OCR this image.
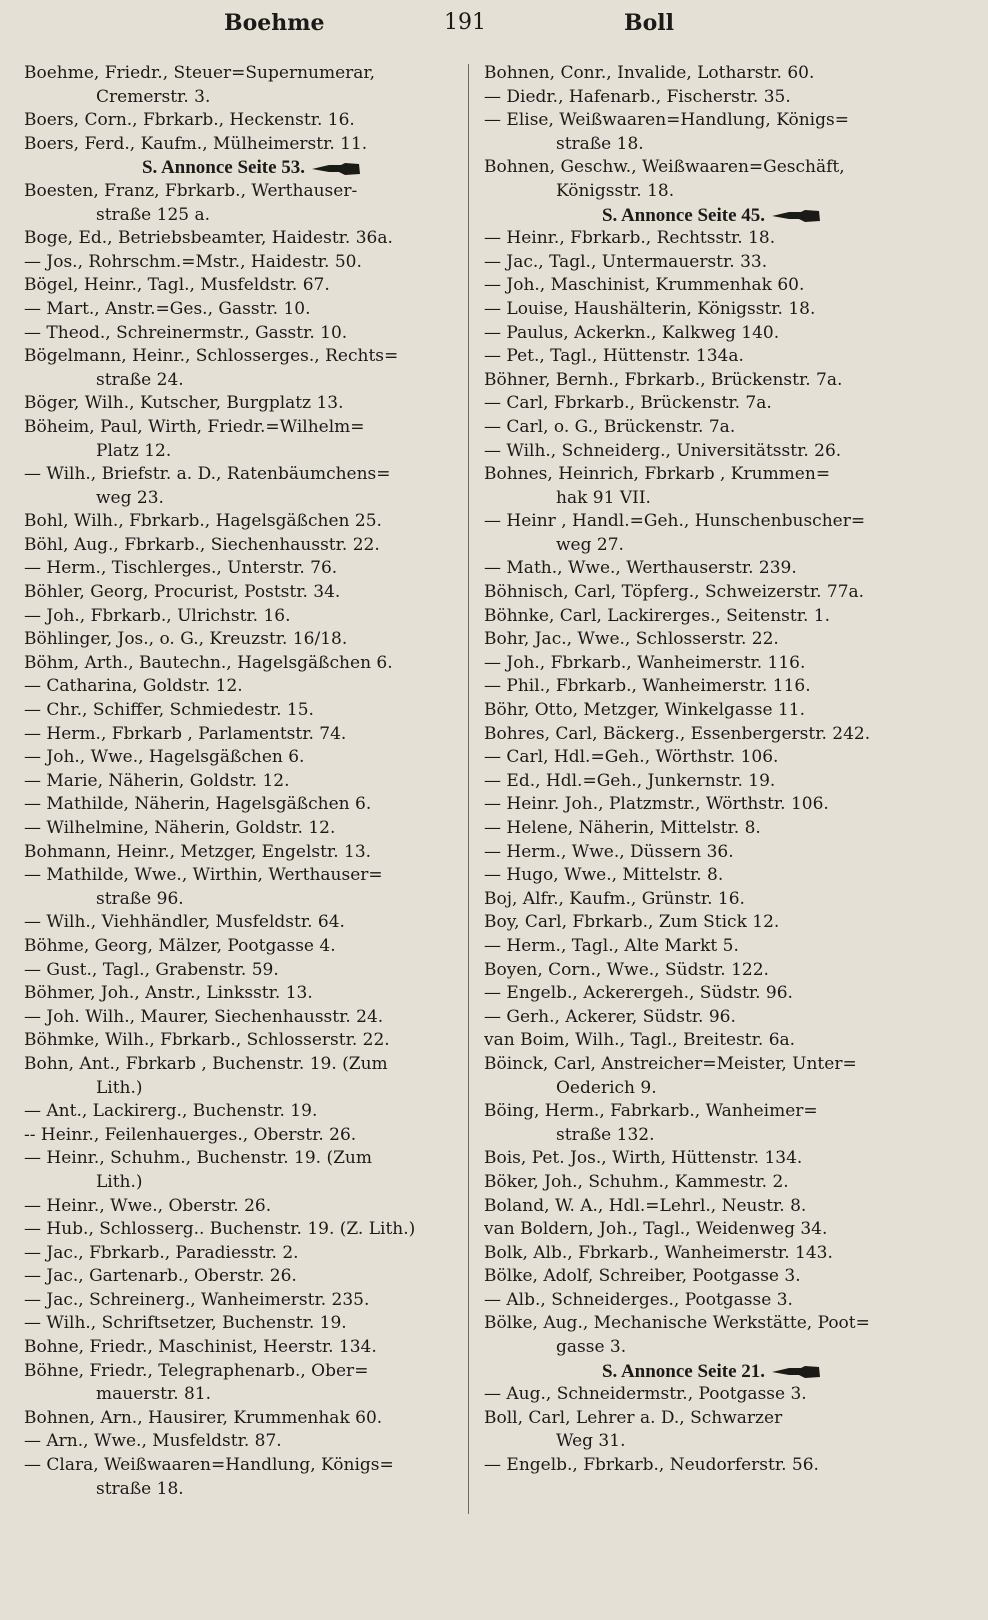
Boehme	191	Boll
Boehme, Friedr., Steuer=Supernumerar,
Cremerstr. 3.
Boers, Corn., Fbrkarb., Heckenstr. 16.
Boers, Ferd., Kaufm., Mülheimerstr. 11.
S. Annonce Seite 53.
Boesten, Franz, Fbrkarb., Werthauser-
straße 125 a.
Boge, Ed., Betriebsbeamter, Haidestr. 36a.
— Jos., Rohrschm.=Mstr., Haidestr. 50.
Bögel, Heinr., Tagl., Musfeldstr. 67.
— Mart., Anstr.=Ges., Gasstr. 10.
— Theod., Schreinermstr., Gasstr. 10.
Bögelmann, Heinr., Schlosserges., Rechts=
straße 24.
Böger, Wilh., Kutscher, Burgplatz 13.
Böheim, Paul, Wirth, Friedr.=Wilhelm=
Platz 12.
— Wilh., Briefstr. a. D., Ratenbäumchens=
weg 23.
Bohl, Wilh., Fbrkarb., Hagelsgäßchen 25.
Böhl, Aug., Fbrkarb., Siechenhausstr. 22.
— Herm., Tischlerges., Unterstr. 76.
Böhler, Georg, Procurist, Poststr. 34.
— Joh., Fbrkarb., Ulrichstr. 16.
Böhlinger, Jos., o. G., Kreuzstr. 16/18.
Böhm, Arth., Bautechn., Hagelsgäßchen 6.
— Catharina, Goldstr. 12.
— Chr., Schiffer, Schmiedestr. 15.
— Herm., Fbrkarb , Parlamentstr. 74.
— Joh., Wwe., Hagelsgäßchen 6.
— Marie, Näherin, Goldstr. 12.
— Mathilde, Näherin, Hagelsgäßchen 6.
— Wilhelmine, Näherin, Goldstr. 12.
Bohmann, Heinr., Metzger, Engelstr. 13.
— Mathilde, Wwe., Wirthin, Werthauser=
straße 96.
— Wilh., Viehhändler, Musfeldstr. 64.
Böhme, Georg, Mälzer, Pootgasse 4.
— Gust., Tagl., Grabenstr. 59.
Böhmer, Joh., Anstr., Linksstr. 13.
— Joh. Wilh., Maurer, Siechenhausstr. 24.
Böhmke, Wilh., Fbrkarb., Schlosserstr. 22.
Bohn, Ant., Fbrkarb , Buchenstr. 19. (Zum
Lith.)
— Ant., Lackirerg., Buchenstr. 19.
-- Heinr., Feilenhauerges., Oberstr. 26.
— Heinr., Schuhm., Buchenstr. 19. (Zum
Lith.)
— Heinr., Wwe., Oberstr. 26.
— Hub., Schlosserg.. Buchenstr. 19. (Z. Lith.)
— Jac., Fbrkarb., Paradiesstr. 2.
— Jac., Gartenarb., Oberstr. 26.
— Jac., Schreinerg., Wanheimerstr. 235.
— Wilh., Schriftsetzer, Buchenstr. 19.
Bohne, Friedr., Maschinist, Heerstr. 134.
Böhne, Friedr., Telegraphenarb., Ober=
mauerstr. 81.
Bohnen, Arn., Hausirer, Krummenhak 60.
— Arn., Wwe., Musfeldstr. 87.
— Clara, Weißwaaren=Handlung, Königs=
straße 18.
Bohnen, Conr., Invalide, Lotharstr. 60.
— Diedr., Hafenarb., Fischerstr. 35.
— Elise, Weißwaaren=Handlung, Königs=
straße 18.
Bohnen, Geschw., Weißwaaren=Geschäft,
Königsstr. 18.
S. Annonce Seite 45.
— Heinr., Fbrkarb., Rechtsstr. 18.
— Jac., Tagl., Untermauerstr. 33.
— Joh., Maschinist, Krummenhak 60.
— Louise, Haushälterin, Königsstr. 18.
— Paulus, Ackerkn., Kalkweg 140.
— Pet., Tagl., Hüttenstr. 134a.
Böhner, Bernh., Fbrkarb., Brückenstr. 7a.
— Carl, Fbrkarb., Brückenstr. 7a.
— Carl, o. G., Brückenstr. 7a.
— Wilh., Schneiderg., Universitätsstr. 26.
Bohnes, Heinrich, Fbrkarb , Krummen=
hak 91 VII.
— Heinr , Handl.=Geh., Hunschenbuscher=
weg 27.
— Math., Wwe., Werthauserstr. 239.
Böhnisch, Carl, Töpferg., Schweizerstr. 77a.
Böhnke, Carl, Lackirerges., Seitenstr. 1.
Bohr, Jac., Wwe., Schlosserstr. 22.
— Joh., Fbrkarb., Wanheimerstr. 116.
— Phil., Fbrkarb., Wanheimerstr. 116.
Böhr, Otto, Metzger, Winkelgasse 11.
Bohres, Carl, Bäckerg., Essenbergerstr. 242.
— Carl, Hdl.=Geh., Wörthstr. 106.
— Ed., Hdl.=Geh., Junkernstr. 19.
— Heinr. Joh., Platzmstr., Wörthstr. 106.
— Helene, Näherin, Mittelstr. 8.
— Herm., Wwe., Düssern 36.
— Hugo, Wwe., Mittelstr. 8.
Boj, Alfr., Kaufm., Grünstr. 16.
Boy, Carl, Fbrkarb., Zum Stick 12.
— Herm., Tagl., Alte Markt 5.
Boyen, Corn., Wwe., Südstr. 122.
— Engelb., Ackerergeh., Südstr. 96.
— Gerh., Ackerer, Südstr. 96.
van Boim, Wilh., Tagl., Breitestr. 6a.
Böinck, Carl, Anstreicher=Meister, Unter=
Oederich 9.
Böing, Herm., Fabrkarb., Wanheimer=
straße 132.
Bois, Pet. Jos., Wirth, Hüttenstr. 134.
Böker, Joh., Schuhm., Kammestr. 2.
Boland, W. A., Hdl.=Lehrl., Neustr. 8.
van Boldern, Joh., Tagl., Weidenweg 34.
Bolk, Alb., Fbrkarb., Wanheimerstr. 143.
Bölke, Adolf, Schreiber, Pootgasse 3.
— Alb., Schneiderges., Pootgasse 3.
Bölke, Aug., Mechanische Werkstätte, Poot=
gasse 3.
S. Annonce Seite 21.
— Aug., Schneidermstr., Pootgasse 3.
Boll, Carl, Lehrer a. D., Schwarzer
Weg 31.
— Engelb., Fbrkarb., Neudorferstr. 56.
